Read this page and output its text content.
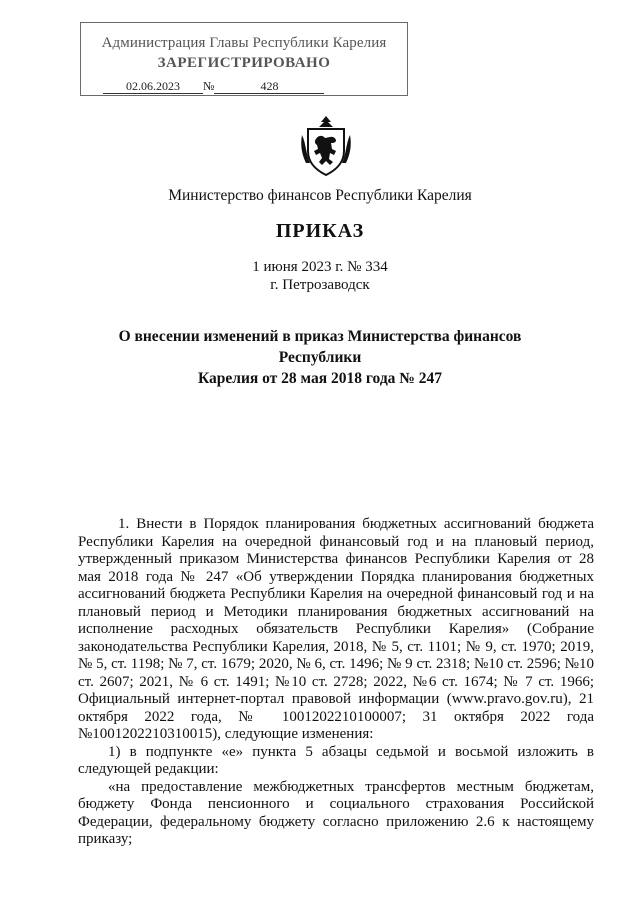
Администрация Главы Республики Карелия
ЗАРЕГИСТРИРОВАНО
02.06.2023 №	428
Министерство финансов Республики Карелия
ПРИКАЗ
1 июня 2023 г. № 334
г. Петрозаводск
О внесении изменений в приказ Министерства финансов Республики
Карелия от 28 мая 2018 года № 247

1. Внести в Порядок планирования бюджетных ассигнований бюджета Республики Карелия на очередной финансовый год и на плановый период, утвержденный приказом Министерства финансов Республики Карелия от 28 мая 2018 года № 247 «Об утверждении Порядка планирования бюджетных ассигнований бюджета Республики Карелия на очередной финансовый год и на плановый период и Методики планирования бюджетных ассигнований на исполнение расходных обязательств Республики Карелия» (Собрание законодательства Республики Карелия, 2018, № 5, ст. 1101; № 9, ст. 1970; 2019, № 5, ст. 1198; № 7, ст. 1679; 2020, № 6, ст. 1496; № 9 ст. 2318; №10 ст. 2596; №10 ст. 2607; 2021, № 6 ст. 1491; №10 ст. 2728; 2022, №6 ст. 1674; № 7 ст. 1966; Официальный интернет-портал правовой информации (www.pravo.gov.ru), 21 октября 2022 года, № 1001202210100007; 31 октября 2022 года №1001202210310015), следующие изменения:

1) в подпункте «е» пункта 5 абзацы седьмой и восьмой изложить в следующей редакции:

«на предоставление межбюджетных трансфертов местным бюджетам, бюджету Фонда пенсионного и социального страхования Российской Федерации, федеральному бюджету согласно приложению 2.6 к настоящему приказу;
